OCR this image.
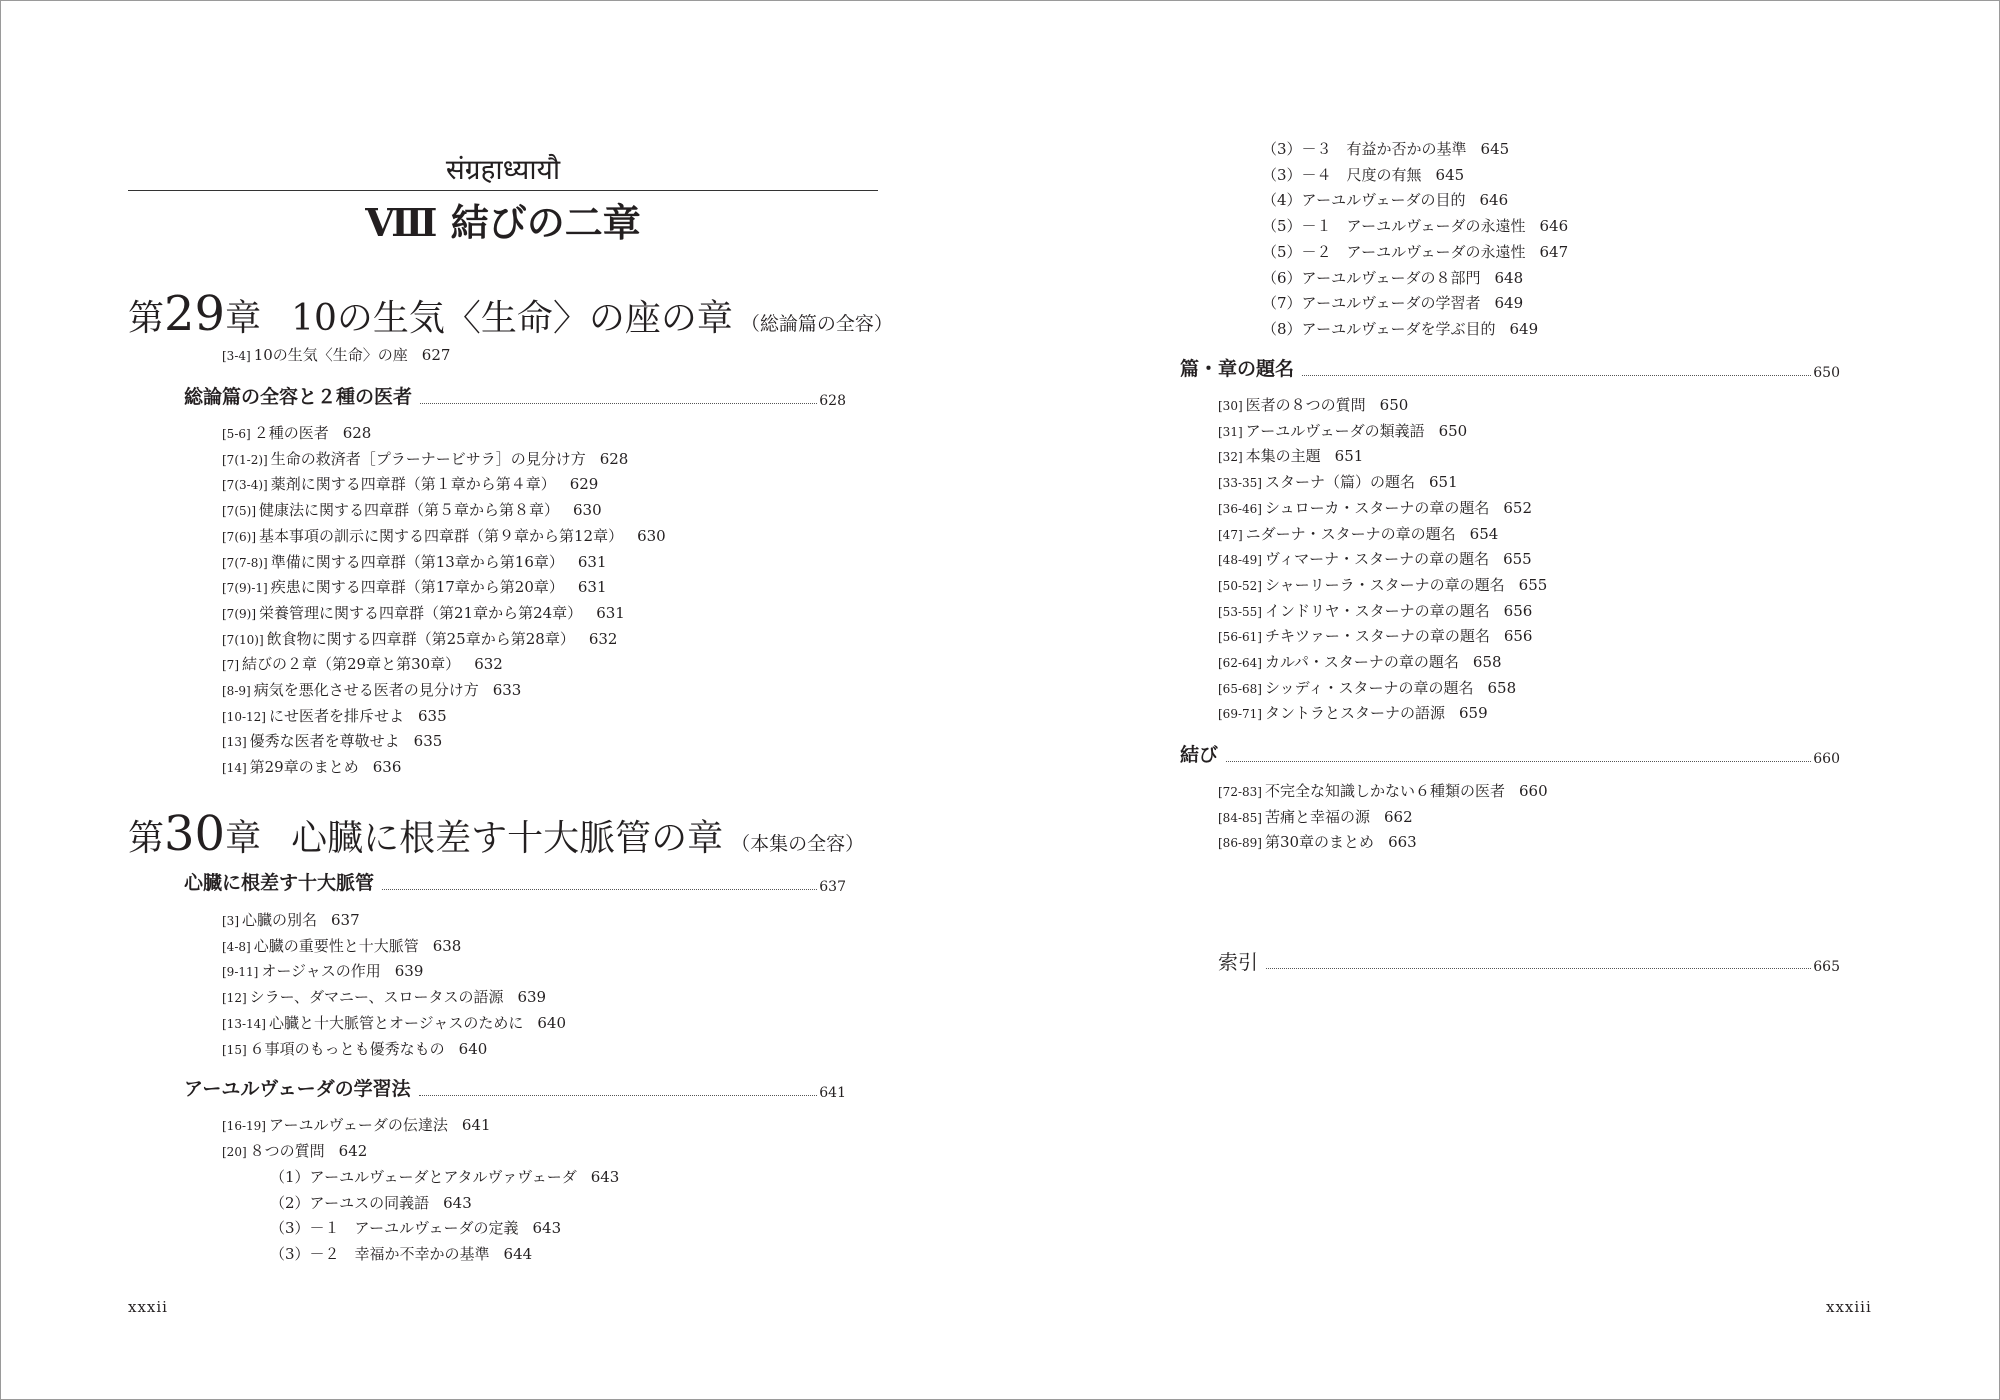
संग्रहाध्यायौ
Ⅷ 結びの二章
第29章 10の生気〈生命〉の座の章 （総論篇の全容）
[3-4] 10の生気〈生命〉の座 627
総論篇の全容と２種の医者	628
[5-6] ２種の医者 628
[7(1-2)] 生命の救済者［プラーナービサラ］の見分け方 628
[7(3-4)] 薬剤に関する四章群（第１章から第４章） 629
[7(5)] 健康法に関する四章群（第５章から第８章） 630
[7(6)] 基本事項の訓示に関する四章群（第９章から第12章） 630
[7(7-8)] 準備に関する四章群（第13章から第16章） 631
[7(9)-1] 疾患に関する四章群（第17章から第20章） 631
[7(9)] 栄養管理に関する四章群（第21章から第24章） 631
[7(10)] 飲食物に関する四章群（第25章から第28章） 632
[7] 結びの２章（第29章と第30章） 632
[8-9] 病気を悪化させる医者の見分け方 633
[10-12] にせ医者を排斥せよ 635
[13] 優秀な医者を尊敬せよ 635
[14] 第29章のまとめ 636
第30章 心臓に根差す十大脈管の章 （本集の全容）
心臓に根差す十大脈管	637
[3] 心臓の別名 637
[4-8] 心臓の重要性と十大脈管 638
[9-11] オージャスの作用 639
[12] シラー、ダマニー、スロータスの語源 639
[13-14] 心臓と十大脈管とオージャスのために 640
[15] ６事項のもっとも優秀なもの 640
アーユルヴェーダの学習法	641
[16-19] アーユルヴェーダの伝達法 641
[20] ８つの質問 642
（1）アーユルヴェーダとアタルヴァヴェーダ 643
（2）アーユスの同義語 643
（3）－１　アーユルヴェーダの定義 643
（3）－２　幸福か不幸かの基準 644
xxxii
（3）－３　有益か否かの基準 645
（3）－４　尺度の有無 645
（4）アーユルヴェーダの目的 646
（5）－１　アーユルヴェーダの永遠性 646
（5）－２　アーユルヴェーダの永遠性 647
（6）アーユルヴェーダの８部門 648
（7）アーユルヴェーダの学習者 649
（8）アーユルヴェーダを学ぶ目的 649
篇・章の題名	650
[30] 医者の８つの質問 650
[31] アーユルヴェーダの類義語 650
[32] 本集の主題 651
[33-35] スターナ（篇）の題名 651
[36-46] シュローカ・スターナの章の題名 652
[47] ニダーナ・スターナの章の題名 654
[48-49] ヴィマーナ・スターナの章の題名 655
[50-52] シャーリーラ・スターナの章の題名 655
[53-55] インドリヤ・スターナの章の題名 656
[56-61] チキツァー・スターナの章の題名 656
[62-64] カルパ・スターナの章の題名 658
[65-68] シッディ・スターナの章の題名 658
[69-71] タントラとスターナの語源 659
結び	660
[72-83] 不完全な知識しかない６種類の医者 660
[84-85] 苦痛と幸福の源 662
[86-89] 第30章のまとめ 663
索引	665
xxxiii
